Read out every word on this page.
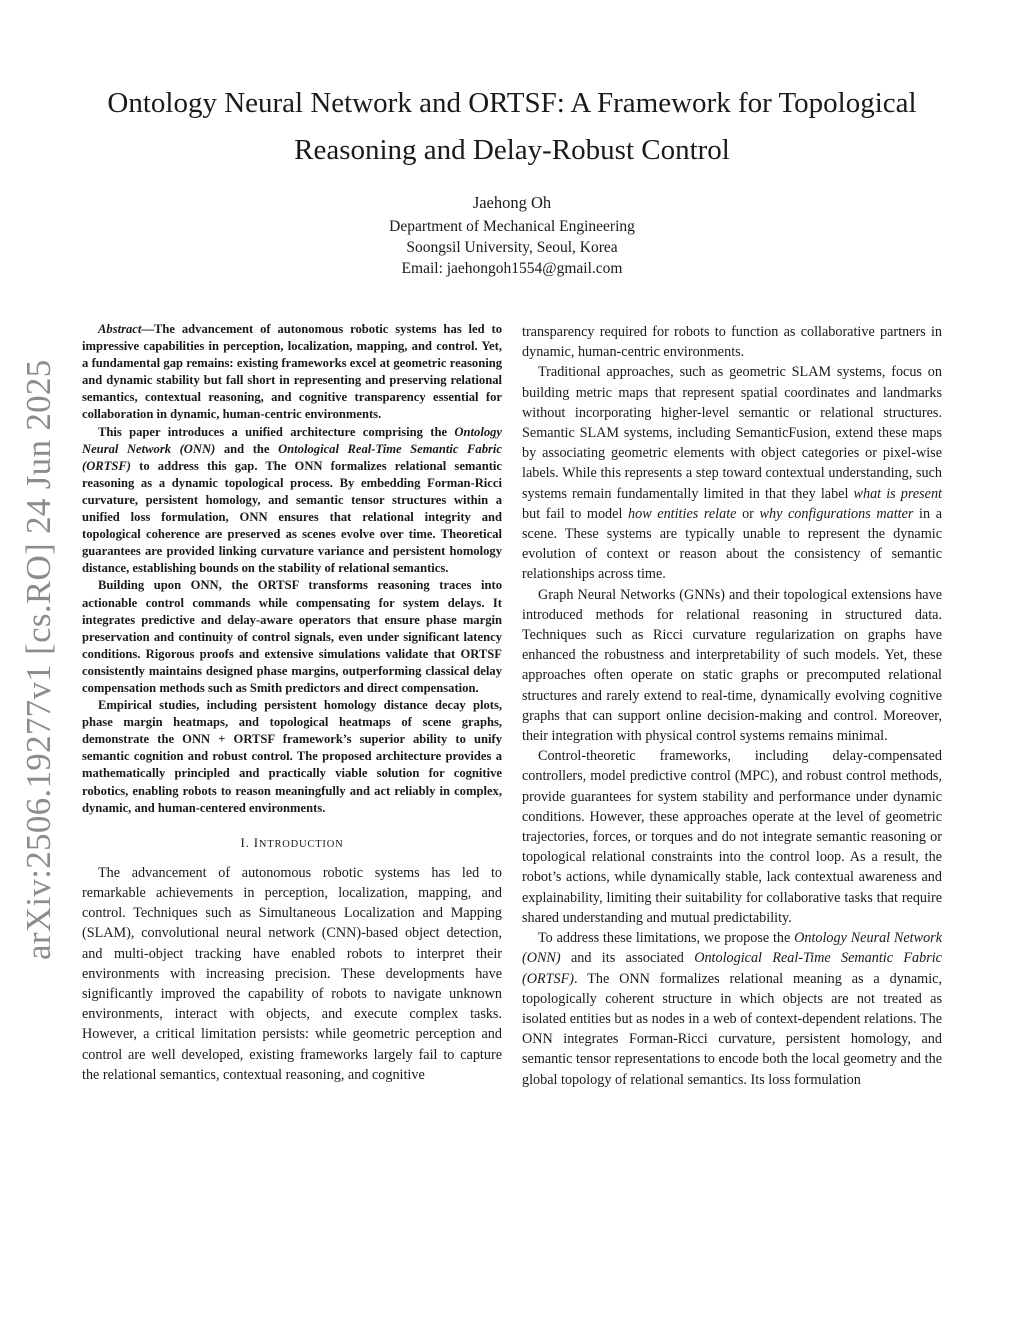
arXiv:2506.19277v1 [cs.RO] 24 Jun 2025
Ontology Neural Network and ORTSF: A Framework for Topological
Reasoning and Delay-Robust Control
Jaehong Oh
Department of Mechanical Engineering
Soongsil University, Seoul, Korea
Email: jaehongoh1554@gmail.com

Abstract—The advancement of autonomous robotic systems has led to impressive capabilities in perception, localization, mapping, and control. Yet, a fundamental gap remains: existing frameworks excel at geometric reasoning and dynamic stability but fall short in representing and preserving relational semantics, contextual reasoning, and cognitive transparency essential for collaboration in dynamic, human-centric environments.

This paper introduces a unified architecture comprising the Ontology Neural Network (ONN) and the Ontological Real-Time Semantic Fabric (ORTSF) to address this gap. The ONN formalizes relational semantic reasoning as a dynamic topological process. By embedding Forman-Ricci curvature, persistent homology, and semantic tensor structures within a unified loss formulation, ONN ensures that relational integrity and topological coherence are preserved as scenes evolve over time. Theoretical guarantees are provided linking curvature variance and persistent homology distance, establishing bounds on the stability of relational semantics.

Building upon ONN, the ORTSF transforms reasoning traces into actionable control commands while compensating for system delays. It integrates predictive and delay-aware operators that ensure phase margin preservation and continuity of control signals, even under significant latency conditions. Rigorous proofs and extensive simulations validate that ORTSF consistently maintains designed phase margins, outperforming classical delay compensation methods such as Smith predictors and direct compensation.

Empirical studies, including persistent homology distance decay plots, phase margin heatmaps, and topological heatmaps of scene graphs, demonstrate the ONN + ORTSF framework’s superior ability to unify semantic cognition and robust control. The proposed architecture provides a mathematically principled and practically viable solution for cognitive robotics, enabling robots to reason meaningfully and act reliably in complex, dynamic, and human-centered environments.

I. INTRODUCTION

The advancement of autonomous robotic systems has led to remarkable achievements in perception, localization, mapping, and control. Techniques such as Simultaneous Localization and Mapping (SLAM), convolutional neural network (CNN)-based object detection, and multi-object tracking have enabled robots to interpret their environments with increasing precision. These developments have significantly improved the capability of robots to navigate unknown environments, interact with objects, and execute complex tasks. However, a critical limitation persists: while geometric perception and control are well developed, existing frameworks largely fail to capture the relational semantics, contextual reasoning, and cognitive

transparency required for robots to function as collaborative partners in dynamic, human-centric environments.

Traditional approaches, such as geometric SLAM systems, focus on building metric maps that represent spatial coordinates and landmarks without incorporating higher-level semantic or relational structures. Semantic SLAM systems, including SemanticFusion, extend these maps by associating geometric elements with object categories or pixel-wise labels. While this represents a step toward contextual understanding, such systems remain fundamentally limited in that they label what is present but fail to model how entities relate or why configurations matter in a scene. These systems are typically unable to represent the dynamic evolution of context or reason about the consistency of semantic relationships across time.

Graph Neural Networks (GNNs) and their topological extensions have introduced methods for relational reasoning in structured data. Techniques such as Ricci curvature regularization on graphs have enhanced the robustness and interpretability of such models. Yet, these approaches often operate on static graphs or precomputed relational structures and rarely extend to real-time, dynamically evolving cognitive graphs that can support online decision-making and control. Moreover, their integration with physical control systems remains minimal.

Control-theoretic frameworks, including delay-compensated controllers, model predictive control (MPC), and robust control methods, provide guarantees for system stability and performance under dynamic conditions. However, these approaches operate at the level of geometric trajectories, forces, or torques and do not integrate semantic reasoning or topological relational constraints into the control loop. As a result, the robot’s actions, while dynamically stable, lack contextual awareness and explainability, limiting their suitability for collaborative tasks that require shared understanding and mutual predictability.

To address these limitations, we propose the Ontology Neural Network (ONN) and its associated Ontological Real-Time Semantic Fabric (ORTSF). The ONN formalizes relational meaning as a dynamic, topologically coherent structure in which objects are not treated as isolated entities but as nodes in a web of context-dependent relations. The ONN integrates Forman-Ricci curvature, persistent homology, and semantic tensor representations to encode both the local geometry and the global topology of relational semantics. Its loss formulation
